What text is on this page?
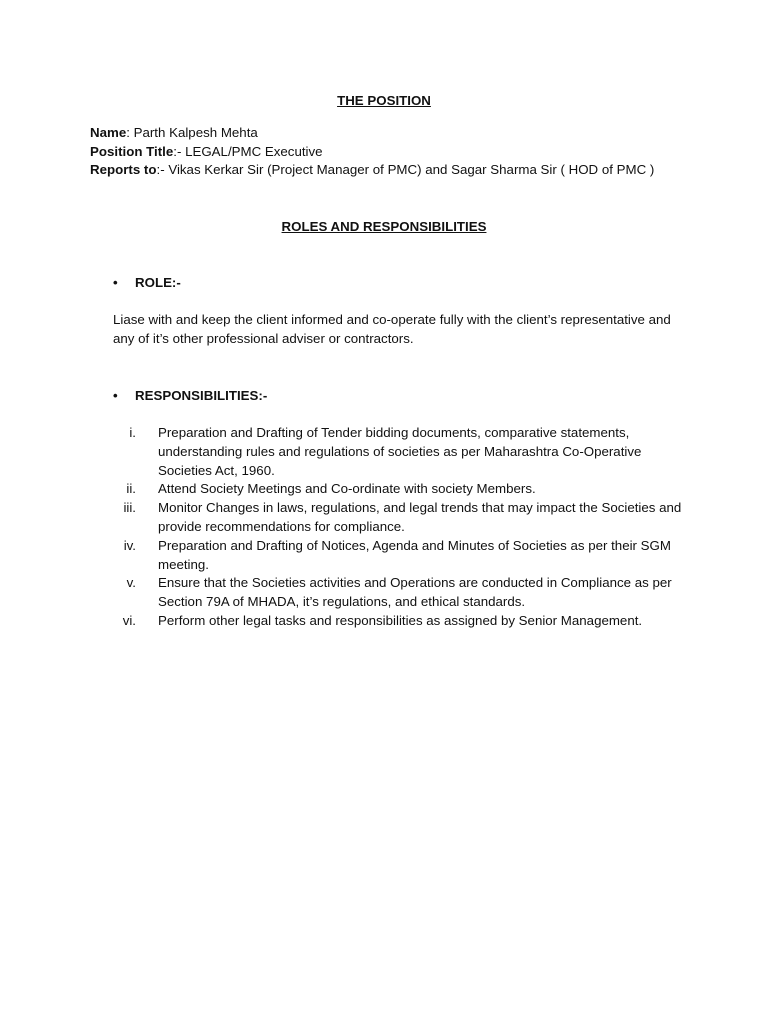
THE POSITION
Name: Parth Kalpesh Mehta
Position Title:- LEGAL/PMC Executive
Reports to:- Vikas Kerkar Sir (Project Manager of PMC) and Sagar Sharma Sir ( HOD of PMC )
ROLES AND RESPONSIBILITIES
• ROLE:-
Liase with and keep the client informed and co-operate fully with the client’s representative and any of it’s other professional adviser or contractors.
• RESPONSIBILITIES:-
i. Preparation and Drafting of Tender bidding documents, comparative statements, understanding rules and regulations of societies as per Maharashtra Co-Operative Societies Act, 1960.
ii. Attend Society Meetings and Co-ordinate with society Members.
iii. Monitor Changes in laws, regulations, and legal trends that may impact the Societies and provide recommendations for compliance.
iv. Preparation and Drafting of Notices, Agenda and Minutes of Societies as per their SGM meeting.
v. Ensure that the Societies activities and Operations are conducted in Compliance as per Section 79A of MHADA, it’s regulations, and ethical standards.
vi. Perform other legal tasks and responsibilities as assigned by Senior Management.
